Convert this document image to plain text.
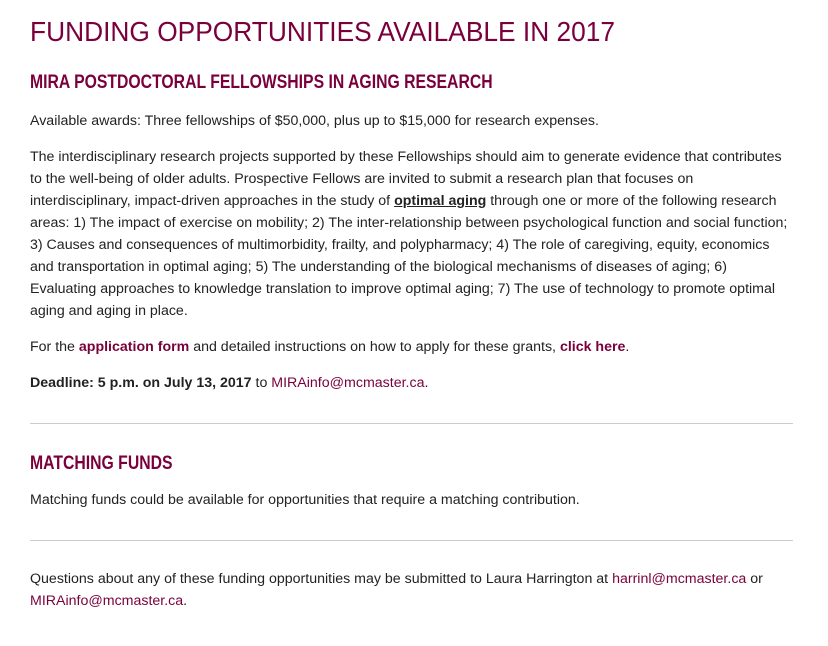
FUNDING OPPORTUNITIES AVAILABLE IN 2017
MIRA POSTDOCTORAL FELLOWSHIPS IN AGING RESEARCH

Available awards: Three fellowships of $50,000, plus up to $15,000 for research expenses.

The interdisciplinary research projects supported by these Fellowships should aim to generate evidence that contributes
to the well-being of older adults. Prospective Fellows are invited to submit a research plan that focuses on
interdisciplinary, impact-driven approaches in the study of optimal aging through one or more of the following research
areas: 1) The impact of exercise on mobility; 2) The inter-relationship between psychological function and social function;
3) Causes and consequences of multimorbidity, frailty, and polypharmacy; 4) The role of caregiving, equity, economics
and transportation in optimal aging; 5) The understanding of the biological mechanisms of diseases of aging; 6)
Evaluating approaches to knowledge translation to improve optimal aging; 7) The use of technology to promote optimal
aging and aging in place.

For the application form and detailed instructions on how to apply for these grants, click here.

Deadline: 5 p.m. on July 13, 2017 to MIRAinfo@mcmaster.ca.

MATCHING FUNDS

Matching funds could be available for opportunities that require a matching contribution.

Questions about any of these funding opportunities may be submitted to Laura Harrington at harrinl@mcmaster.ca or MIRAinfo@mcmaster.ca.
